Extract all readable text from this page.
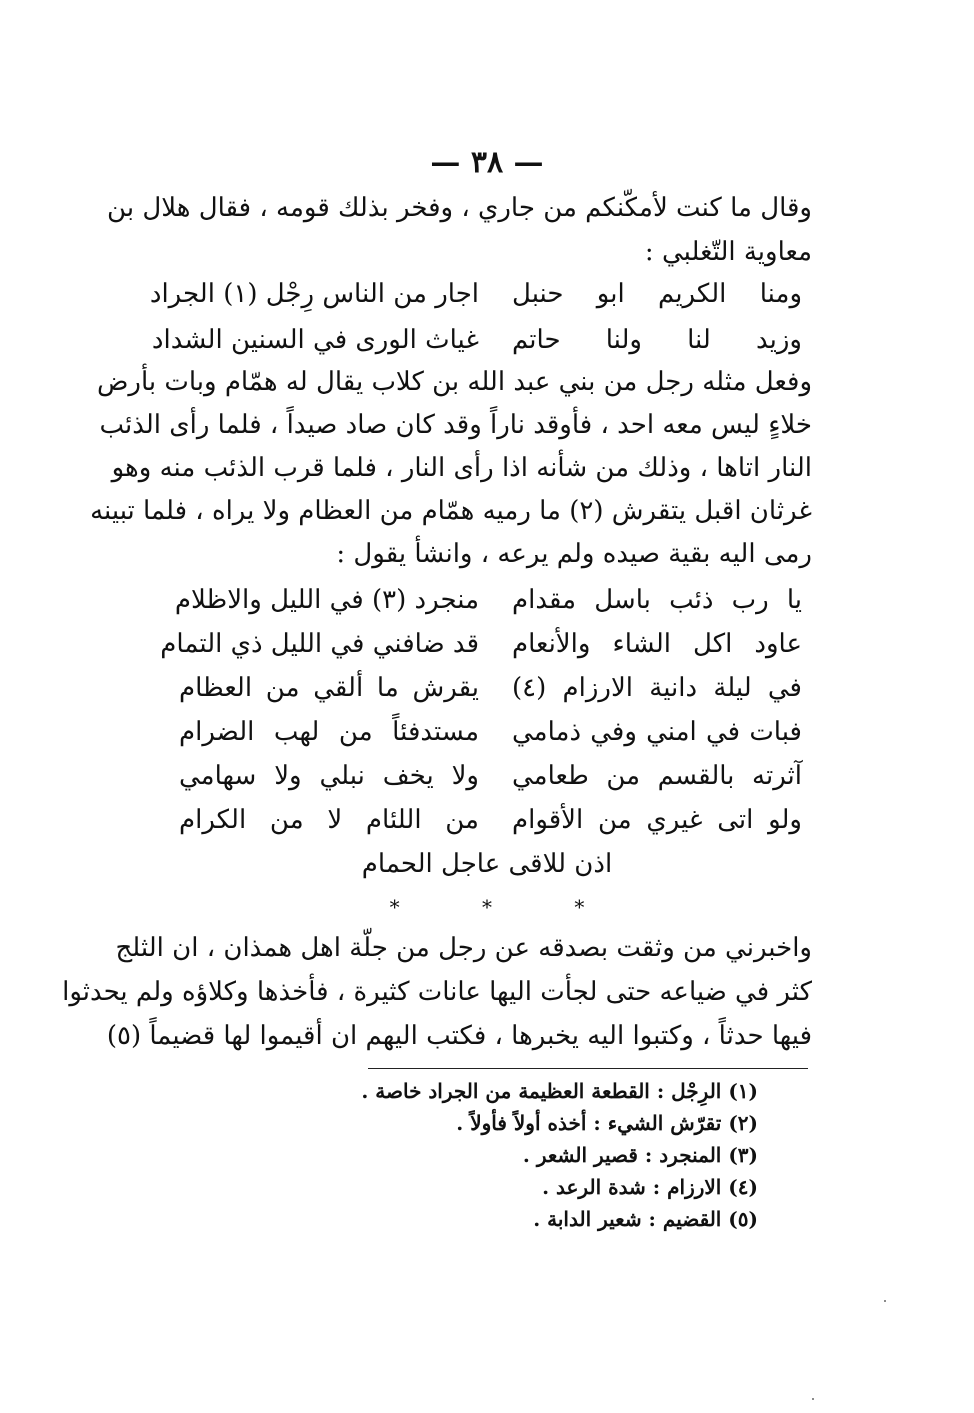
— ٣٨ —
وقال ما كنت لأمكّنكم من جاري ، وفخر بذلك قومه ، فقال هلال بن
معاوية التّغلبي :
ومنا الكريم ابو حنبل
اجار من الناس رِجْل (١) الجراد
وزيد لنا ولنا حاتم
غياث الورى في السنين الشداد
وفعل مثله رجل من بني عبد الله بن كلاب يقال له همّام وبات بأرض
خلاءٍ ليس معه احد ، فأوقد ناراً وقد كان صاد صيداً ، فلما رأى الذئب
النار اتاها ، وذلك من شأنه اذا رأى النار ، فلما قرب الذئب منه وهو
غرثان اقبل يتقرش (٢) ما رميه همّام من العظام ولا يراه ، فلما تبينه
رمى اليه بقية صيده ولم يرعه ، وانشأ يقول :
يا رب ذئب باسل مقدام
منجرد (٣) في الليل والاظلام
عاود اكل الشاء والأنعام
قد ضافني في الليل ذي التمام
في ليلة دانية الارزام (٤)
يقرش ما ألقي من العظام
فبات في امني وفي ذمامي
مستدفئاً من لهب الضرام
آثرته بالقسم من طعامي
ولا يخف نبلي ولا سهامي
ولو اتى غيري من الأقوام
من اللئام لا من الكرام
اذن للاقى عاجل الحمام
* * *
واخبرني من وثقت بصدقه عن رجل من جلّة اهل همذان ، ان الثلج
كثر في ضياعه حتى لجأت اليها عانات كثيرة ، فأخذها وكلاؤه ولم يحدثوا
فيها حدثاً ، وكتبوا اليه يخبرها ، فكتب اليهم ان أقيموا لها قضيماً (٥)
(١) الرِجْل : القطعة العظيمة من الجراد خاصة .
(٢) تقرّش الشيء : أخذه أولاً فأولاً .
(٣) المنجرد : قصير الشعر .
(٤) الارزام : شدة الرعد .
(٥) القضيم : شعير الدابة .
